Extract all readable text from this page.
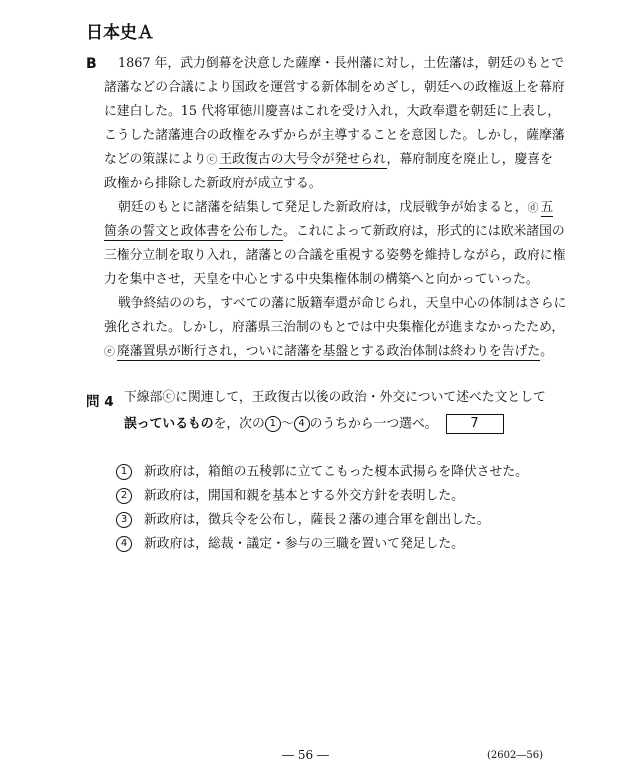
日本史Ａ
B 1867 年，武力倒幕を決意した薩摩・長州藩に対し，土佐藩は，朝廷のもとで
諸藩などの合議により国政を運営する新体制をめざし，朝廷への政権返上を幕府
に建白した。15 代将軍徳川慶喜はこれを受け入れ，大政奉還を朝廷に上表し，
こうした諸藩連合の政権をみずからが主導することを意図した。しかし，薩摩藩
などの策謀によりⓒ 王政復古の大号令が発せられ，幕府制度を廃止し，慶喜を
政権から排除した新政府が成立する。
朝廷のもとに諸藩を結集して発足した新政府は，戊辰戦争が始まると，ⓓ 五
箇条の誓文と政体書を公布した。これによって新政府は，形式的には欧米諸国の
三権分立制を取り入れ，諸藩との合議を重視する姿勢を維持しながら，政府に権
力を集中させ，天皇を中心とする中央集権体制の構築へと向かっていった。
戦争終結ののち，すべての藩に版籍奉還が命じられ，天皇中心の体制はさらに
強化された。しかし，府藩県三治制のもとでは中央集権化が進まなかったため，
ⓔ 廃藩置県が断行され，ついに諸藩を基盤とする政治体制は終わりを告げた。
問 4 下線部ⓒに関連して，王政復古以後の政治・外交について述べた文として
誤っているものを，次の 1 ～ 4 のうちから一つ選べ。	7
1 新政府は，箱館の五稜郭に立てこもった榎本武揚らを降伏させた。
2 新政府は，開国和親を基本とする外交方針を表明した。
3 新政府は，徴兵令を公布し，薩長２藩の連合軍を創出した。
4 新政府は，総裁・議定・参与の三職を置いて発足した。
― 56 ―	(2602―56)
